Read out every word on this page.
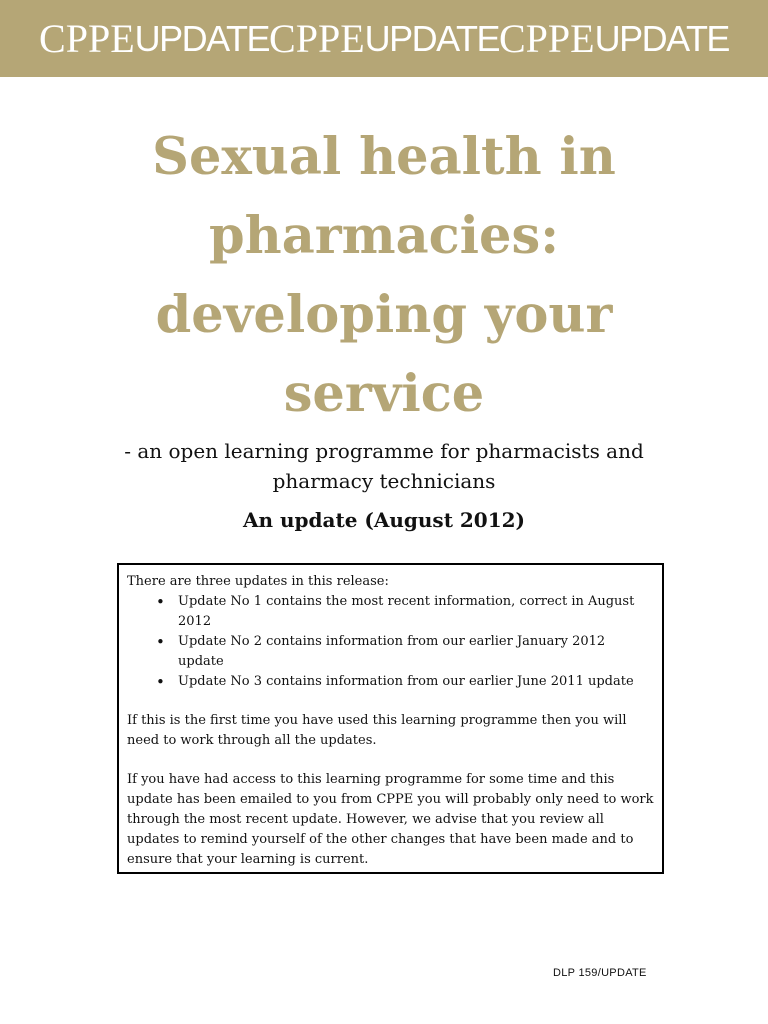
CPPE UPDATE CPPE UPDATE CPPE UPDATE
Sexual health in pharmacies: developing your service

- an open learning programme for pharmacists and pharmacy technicians

An update (August 2012)

There are three updates in this release:

• Update No 1 contains the most recent information, correct in August 2012
• Update No 2 contains information from our earlier January 2012 update
• Update No 3 contains information from our earlier June 2011 update

If this is the first time you have used this learning programme then you will need to work through all the updates.

If you have had access to this learning programme for some time and this update has been emailed to you from CPPE you will probably only need to work through the most recent update. However, we advise that you review all updates to remind yourself of the other changes that have been made and to ensure that your learning is current.

DLP 159/UPDATE
